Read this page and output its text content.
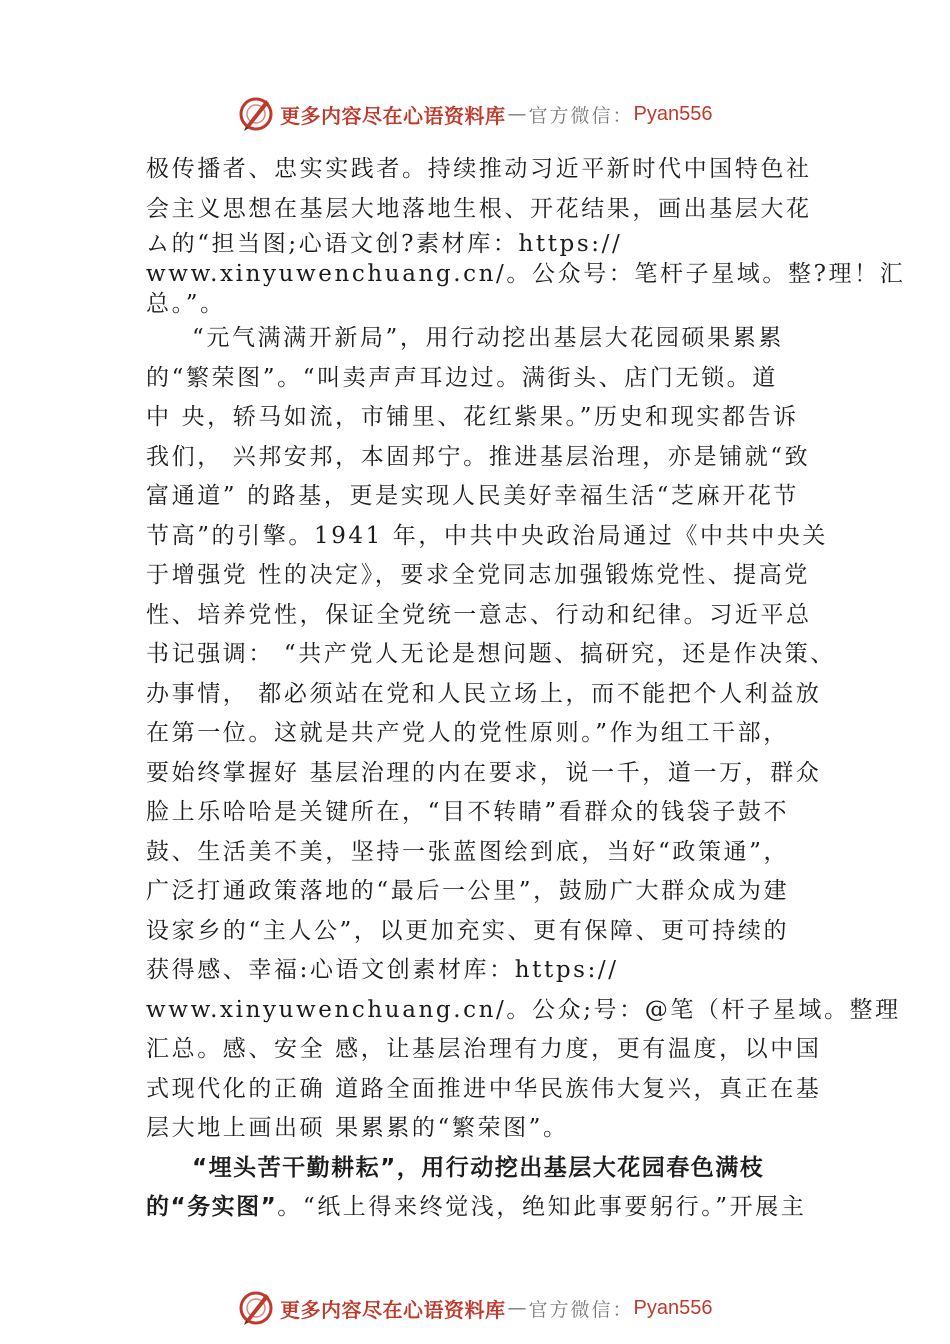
更多内容尽在心语资料库 — 官方微信： Pyan556
极传播者、忠实实践者。持续推动习近平新时代中国特色社
会主义思想在基层大地落地生根、开花结果，画出基层大花
ム的“担当图;心语文创?素材库：https://
www.xinyuwenchuang.cn/。公众号：笔杆子星域。整?理！汇
总。”。
“元气满满开新局”，用行动挖出基层大花园硕果累累
的“繁荣图”。“叫卖声声耳边过。满街头、店门无锁。道
中 央，轿马如流，市铺里、花红紫果。”历史和现实都告诉
我们， 兴邦安邦，本固邦宁。推进基层治理，亦是铺就“致
富通道” 的路基，更是实现人民美好幸福生活“芝麻开花节
节高”的引擎。1941 年，中共中央政治局通过《中共中央关
于增强党 性的决定》，要求全党同志加强锻炼党性、提高党
性、培养党性，保证全党统一意志、行动和纪律。习近平总
书记强调： “共产党人无论是想问题、搞研究，还是作决策、
办事情， 都必须站在党和人民立场上，而不能把个人利益放
在第一位。这就是共产党人的党性原则。”作为组工干部，
要始终掌握好 基层治理的内在要求，说一千，道一万，群众
脸上乐哈哈是关键所在，“目不转睛”看群众的钱袋子鼓不
鼓、生活美不美，坚持一张蓝图绘到底，当好“政策通”，
广泛打通政策落地的“最后一公里”，鼓励广大群众成为建
设家乡的“主人公”，以更加充实、更有保障、更可持续的
获得感、幸福:心语文创素材库：https://
www.xinyuwenchuang.cn/。公众;号：@笔（杆子星域。整理
汇总。感、安全 感，让基层治理有力度，更有温度，以中国
式现代化的正确 道路全面推进中华民族伟大复兴，真正在基
层大地上画出硕 果累累的“繁荣图”。
“埋头苦干勤耕耘”，用行动挖出基层大花园春色满枝
的“务实图”。“纸上得来终觉浅，绝知此事要躬行。”开展主
更多内容尽在心语资料库 — 官方微信： Pyan556
